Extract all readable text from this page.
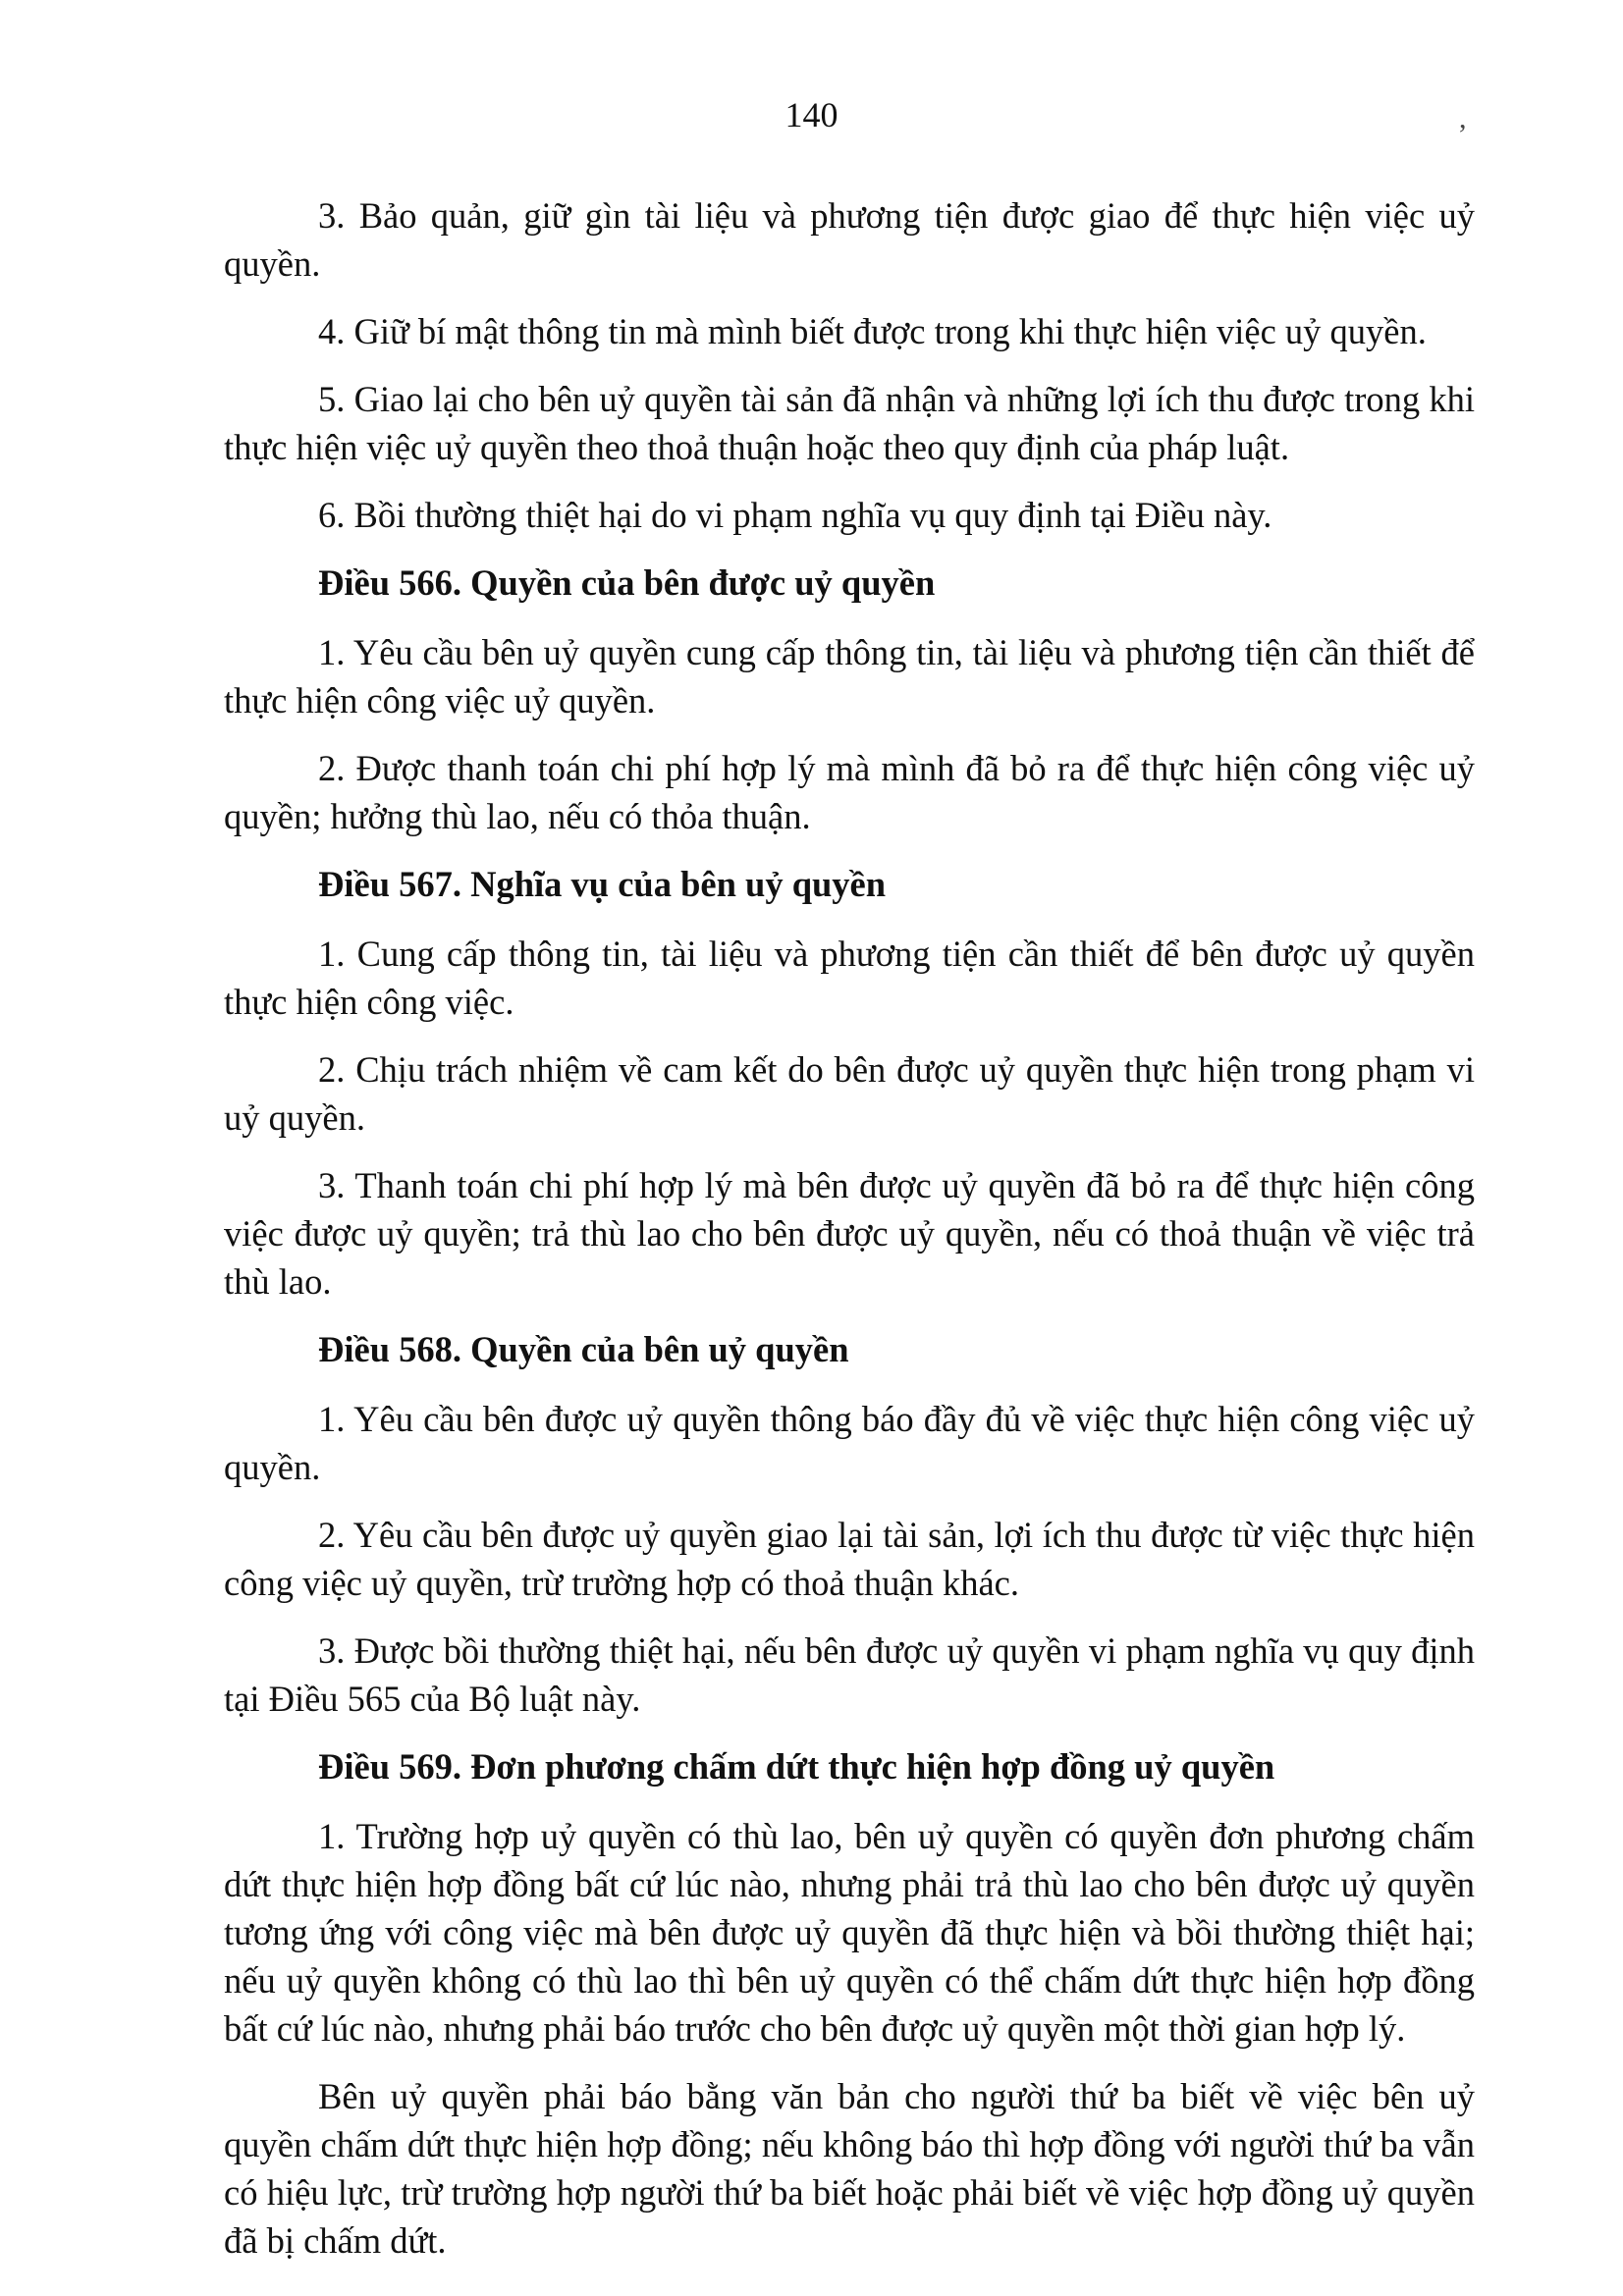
140	,

3. Bảo quản, giữ gìn tài liệu và phương tiện được giao để thực hiện việc uỷ quyền.

4. Giữ bí mật thông tin mà mình biết được trong khi thực hiện việc uỷ quyền.

5. Giao lại cho bên uỷ quyền tài sản đã nhận và những lợi ích thu được trong khi thực hiện việc uỷ quyền theo thoả thuận hoặc theo quy định của pháp luật.

6. Bồi thường thiệt hại do vi phạm nghĩa vụ quy định tại Điều này.

Điều 566. Quyền của bên được uỷ quyền

1. Yêu cầu bên uỷ quyền cung cấp thông tin, tài liệu và phương tiện cần thiết để thực hiện công việc uỷ quyền.

2. Được thanh toán chi phí hợp lý mà mình đã bỏ ra để thực hiện công việc uỷ quyền; hưởng thù lao, nếu có thỏa thuận.

Điều 567. Nghĩa vụ của bên uỷ quyền

1. Cung cấp thông tin, tài liệu và phương tiện cần thiết để bên được uỷ quyền thực hiện công việc.

2. Chịu trách nhiệm về cam kết do bên được uỷ quyền thực hiện trong phạm vi uỷ quyền.

3. Thanh toán chi phí hợp lý mà bên được uỷ quyền đã bỏ ra để thực hiện công việc được uỷ quyền; trả thù lao cho bên được uỷ quyền, nếu có thoả thuận về việc trả thù lao.

Điều 568. Quyền của bên uỷ quyền

1. Yêu cầu bên được uỷ quyền thông báo đầy đủ về việc thực hiện công việc uỷ quyền.

2. Yêu cầu bên được uỷ quyền giao lại tài sản, lợi ích thu được từ việc thực hiện công việc uỷ quyền, trừ trường hợp có thoả thuận khác.

3. Được bồi thường thiệt hại, nếu bên được uỷ quyền vi phạm nghĩa vụ quy định tại Điều 565 của Bộ luật này.

Điều 569. Đơn phương chấm dứt thực hiện hợp đồng uỷ quyền

1. Trường hợp uỷ quyền có thù lao, bên uỷ quyền có quyền đơn phương chấm dứt thực hiện hợp đồng bất cứ lúc nào, nhưng phải trả thù lao cho bên được uỷ quyền tương ứng với công việc mà bên được uỷ quyền đã thực hiện và bồi thường thiệt hại; nếu uỷ quyền không có thù lao thì bên uỷ quyền có thể chấm dứt thực hiện hợp đồng bất cứ lúc nào, nhưng phải báo trước cho bên được uỷ quyền một thời gian hợp lý.

Bên uỷ quyền phải báo bằng văn bản cho người thứ ba biết về việc bên uỷ quyền chấm dứt thực hiện hợp đồng; nếu không báo thì hợp đồng với người thứ ba vẫn có hiệu lực, trừ trường hợp người thứ ba biết hoặc phải biết về việc hợp đồng uỷ quyền đã bị chấm dứt.
